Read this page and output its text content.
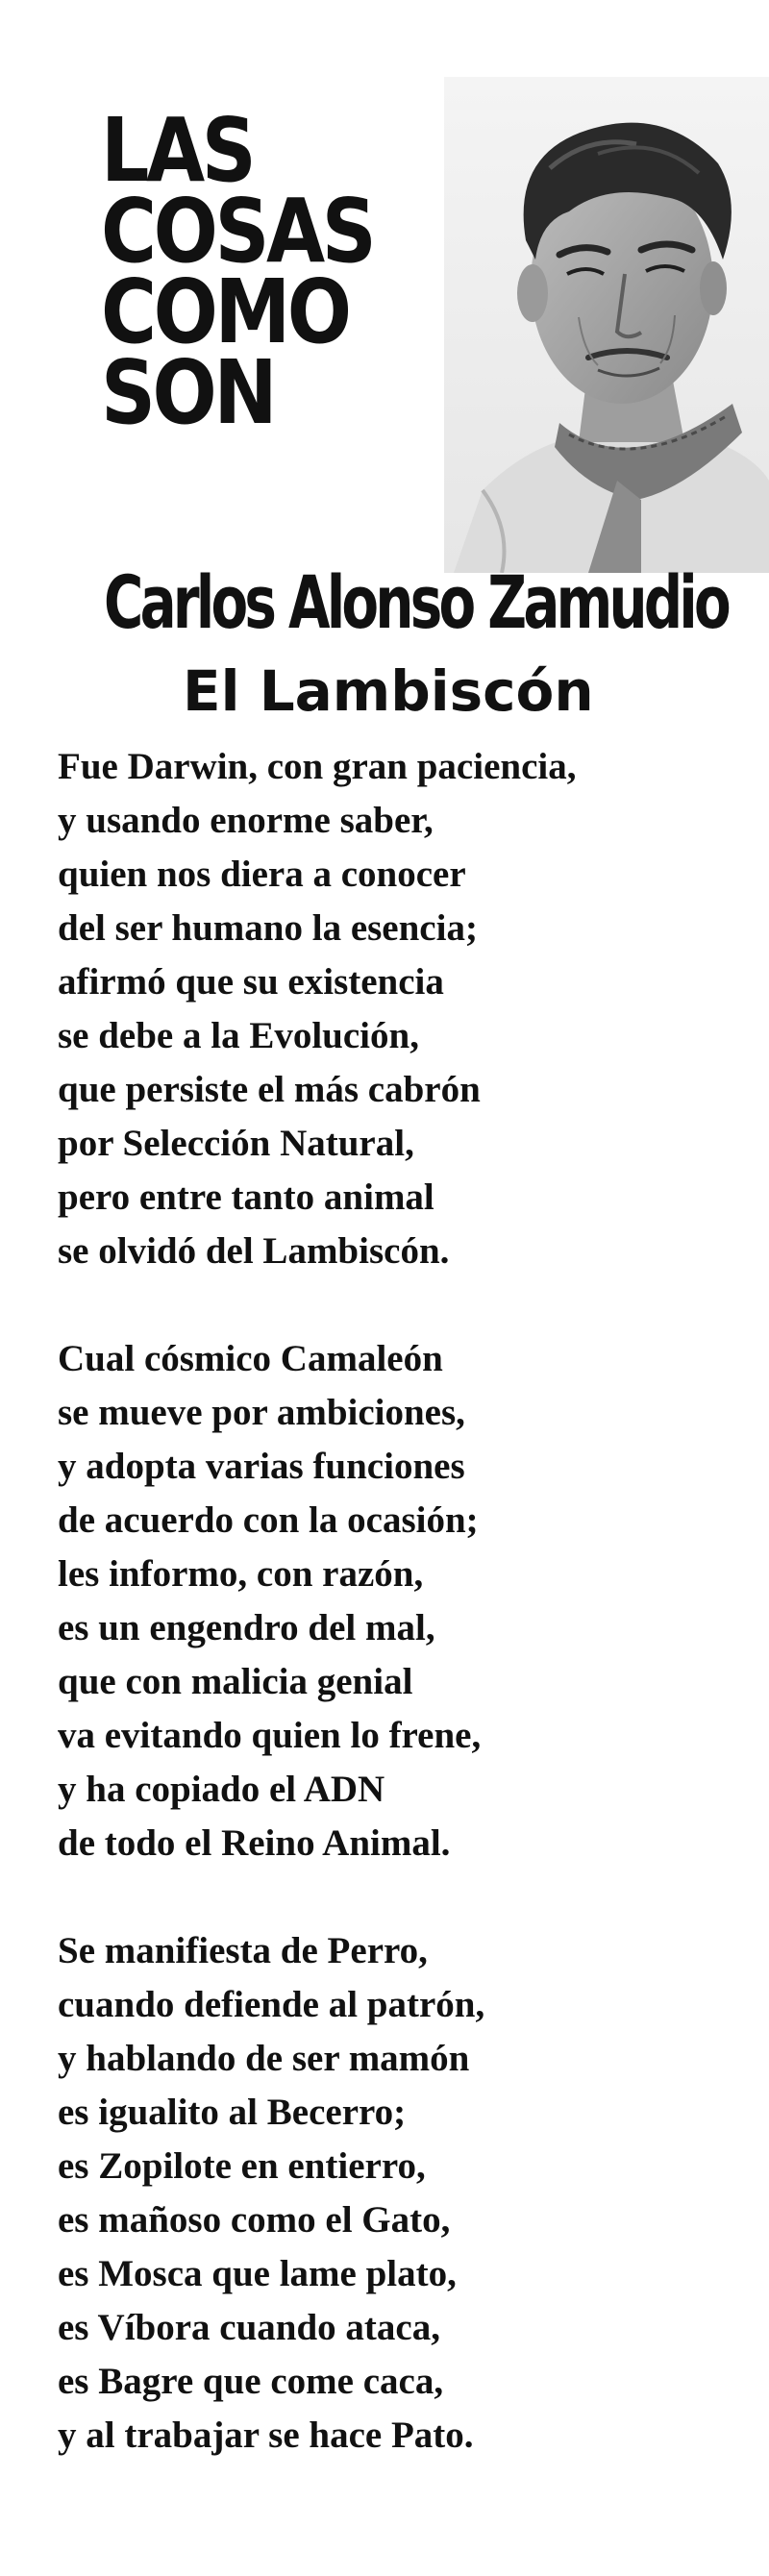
LAS
COSAS
COMO
SON
Carlos Alonso Zamudio
El Lambiscón

Fue Darwin, con gran paciencia,
y usando enorme saber,
quien nos diera a conocer
del ser humano la esencia;
afirmó que su existencia
se debe a la Evolución,
que persiste el más cabrón
por Selección Natural,
pero entre tanto animal
se olvidó del Lambiscón.

Cual cósmico Camaleón
se mueve por ambiciones,
y adopta varias funciones
de acuerdo con la ocasión;
les informo, con razón,
es un engendro del mal,
que con malicia genial
va evitando quien lo frene,
y ha copiado el ADN
de todo el Reino Animal.

Se manifiesta de Perro,
cuando defiende al patrón,
y hablando de ser mamón
es igualito al Becerro;
es Zopilote en entierro,
es mañoso como el Gato,
es Mosca que lame plato,
es Víbora cuando ataca,
es Bagre que come caca,
y al trabajar se hace Pato.
